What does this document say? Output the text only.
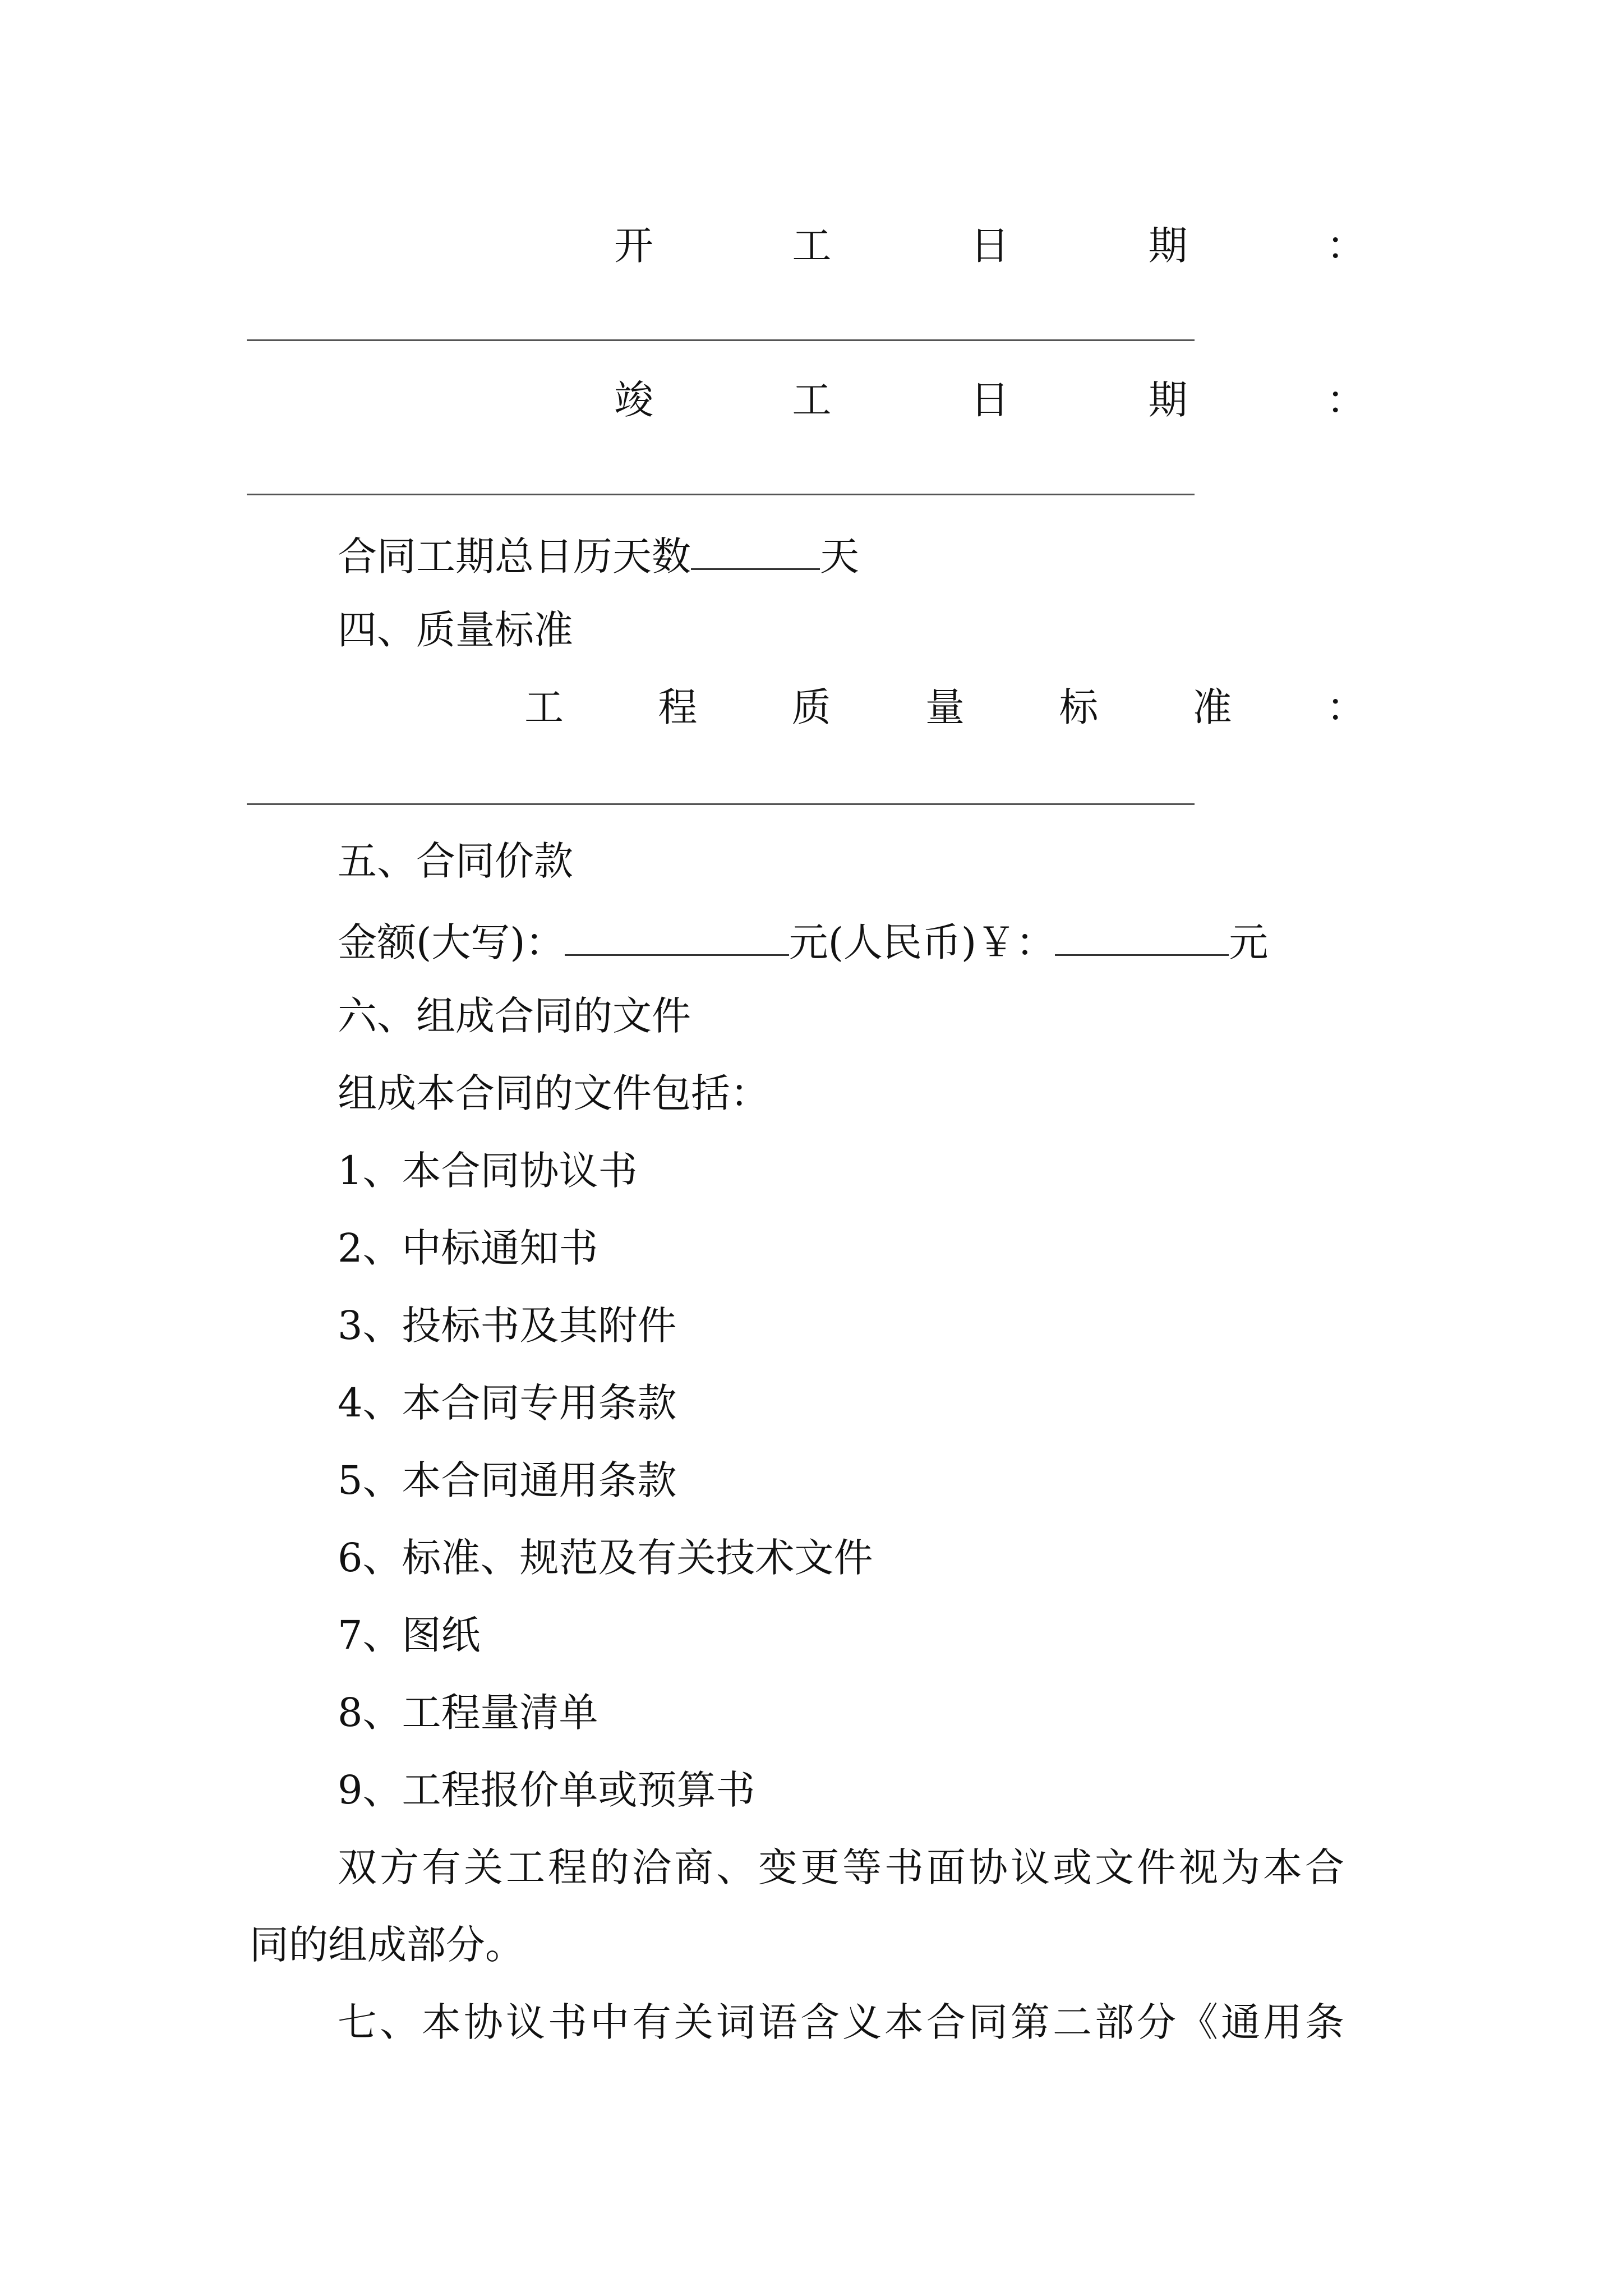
开	工	日	期	：
竣	工	日	期	：
合同工期总日历天数	天
四、质量标准
工 程 质 量 标 准 ：
五、合同价款
金额(大写)：	元(人民币)￥：	元
六、组成合同的文件
组成本合同的文件包括：
1、本合同协议书
2、中标通知书
3、投标书及其附件
4、本合同专用条款
5、本合同通用条款
6、标准、规范及有关技术文件
7、图纸
8、工程量清单
9、工程报价单或预算书
双方有关工程的洽商、变更等书面协议或文件视为本合
同的组成部分。
七、本协议书中有关词语含义本合同第二部分《通用条
